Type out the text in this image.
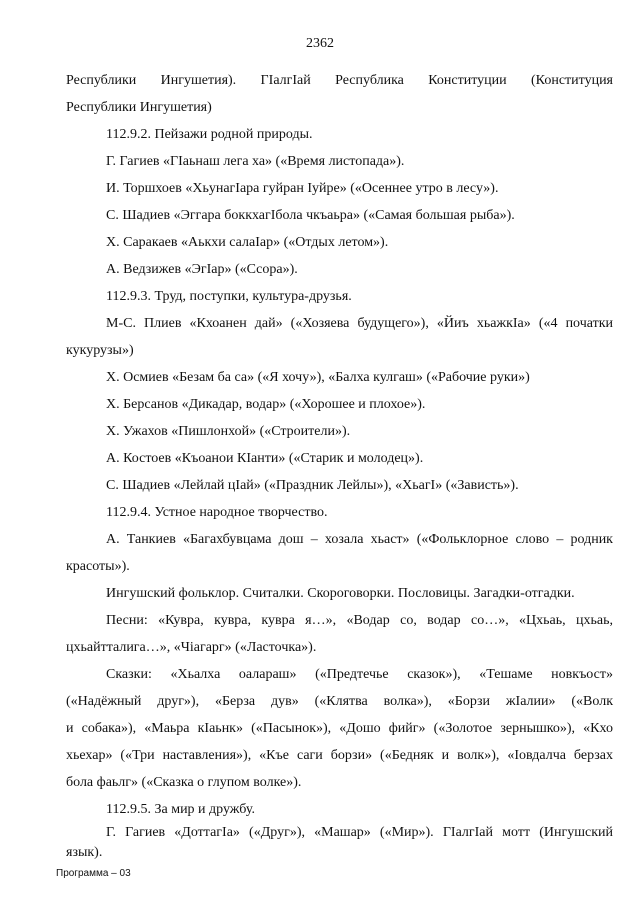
2362
Республики Ингушетия). ГIалгIай Республика Конституции (Конституция
Республики Ингушетия)
112.9.2. Пейзажи родной природы.
Г. Гагиев «ГIаьнаш лега ха» («Время листопада»).
И. Торшхоев «ХьунагIара гуйран Iуйре» («Осеннее утро в лесу»).
С. Шадиев «Эггара боккхагIбола чкъаьра» («Самая большая рыба»).
Х. Саракаев «Аькхи салаIар» («Отдых летом»).
А. Ведзижев «ЭгIар» («Ссора»).
112.9.3. Труд, поступки, культура-друзья.
М-С. Плиев «Кхоанен дай» («Хозяева будущего»), «Йиъ хьажкIа» («4 початки
кукурузы»)
Х. Осмиев «Безам ба са» («Я хочу»), «Балха кулгаш» («Рабочие руки»)
Х. Берсанов «Дикадар, водар» («Хорошее и плохое»).
Х. Ужахов «Пишлонхой» («Строители»).
А. Костоев «Къоанои КIанти» («Старик и молодец»).
С. Шадиев «Лейлай цIай» («Праздник Лейлы»), «ХьагI» («Зависть»).
112.9.4. Устное народное творчество.
А. Танкиев «Багахбувцама дош – хозала хьаст» («Фольклорное слово – родник
красоты»).
Ингушский фольклор. Считалки. Скороговорки. Пословицы. Загадки-отгадки.
Песни: «Кувра, кувра, кувра я…», «Водар со, водар со…», «Цхьаь, цхьаь,
цхьайтталига…», «Чiагарг» («Ласточка»).
Сказки: «Хьалха оалараш» («Предтечье сказок»), «Тешаме новкъост»
(«Надёжный друг»), «Берза дув» («Клятва волка»), «Борзи жIалии» («Волк
и собака»), «Маьра кIаьнк» («Пасынок»), «Дошо фийг» («Золотое зернышко»), «Кхо
хьехар» («Три наставления»), «Къе саги борзи» («Бедняк и волк»), «Iовдалча берзах
бола фаьлг» («Сказка о глупом волке»).
112.9.5. За мир и дружбу.
Г. Гагиев «ДоттагIа» («Друг»), «Машар» («Мир»). ГIалгIай мотт (Ингушский
язык).
Программа – 03
